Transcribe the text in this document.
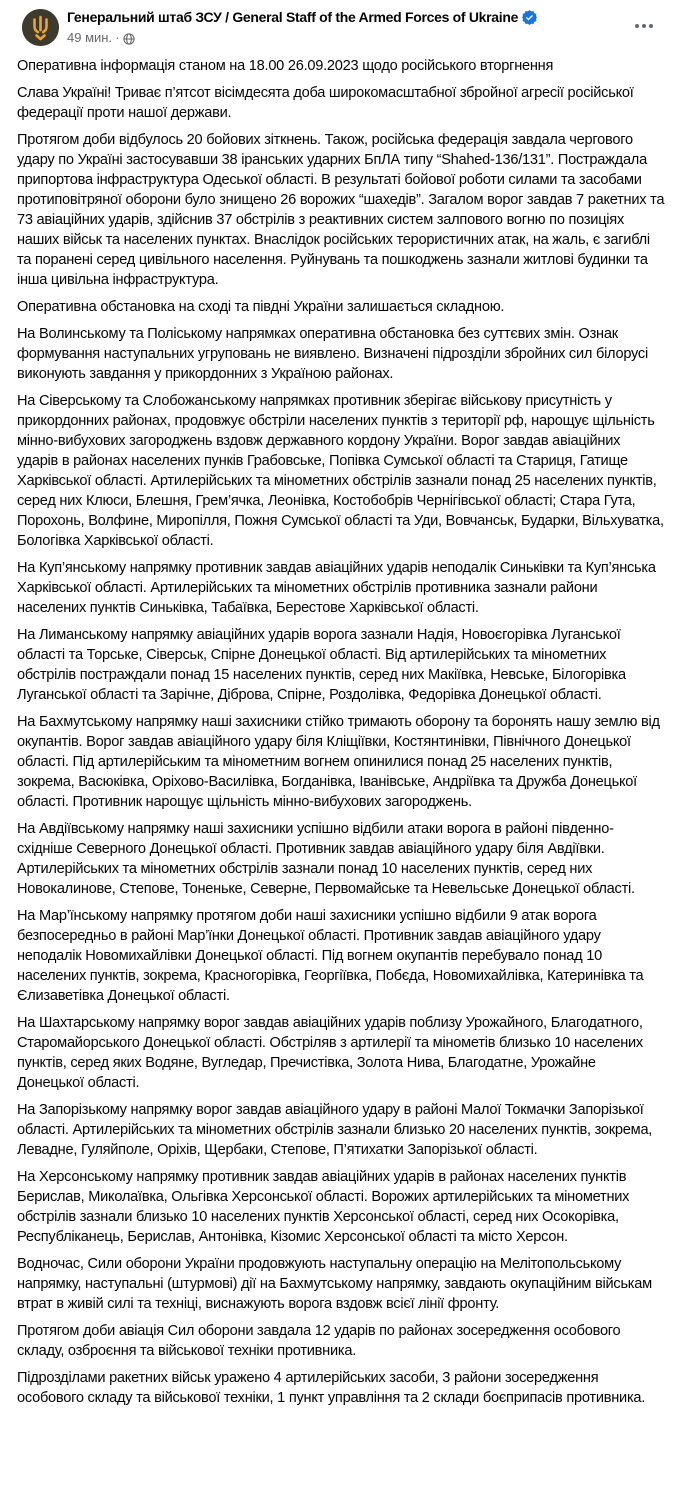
Генеральний штаб ЗСУ / General Staff of the Armed Forces of Ukraine
49 мин. ·

Оперативна інформація станом на 18.00 26.09.2023 щодо російського вторгнення

Слава Україні! Триває п’ятсот вісімдесята доба широкомасштабної збройної агресії російської федерації проти нашої держави.

Протягом доби відбулось 20 бойових зіткнень. Також, російська федерація завдала чергового удару по Україні застосувавши 38 іранських ударних БпЛА типу “Shahed-136/131”. Постраждала припортова інфраструктура Одеської області. В результаті бойової роботи силами та засобами протиповітряної оборони було знищено 26 ворожих “шахедів”. Загалом ворог завдав 7 ракетних та 73 авіаційних ударів, здійснив 37 обстрілів з реактивних систем залпового вогню по позиціях наших військ та населених пунктах. Внаслідок російських терористичних атак, на жаль, є загиблі та поранені серед цивільного населення. Руйнувань та пошкоджень зазнали житлові будинки та інша цивільна інфраструктура.

Оперативна обстановка на сході та півдні України залишається складною.

На Волинському та Поліському напрямках оперативна обстановка без суттєвих змін. Ознак формування наступальних угруповань не виявлено. Визначені підрозділи збройних сил білорусі виконують завдання у прикордонних з Україною районах.

На Сіверському та Слобожанському напрямках противник зберігає військову присутність у прикордонних районах, продовжує обстріли населених пунктів з території рф, нарощує щільність мінно-вибухових загороджень вздовж державного кордону України. Ворог завдав авіаційних ударів в районах населених пунків Грабовське, Попівка Сумської області та Стариця, Гатище Харківської області. Артилерійських та мінометних обстрілів зазнали понад 25 населених пунктів, серед них Клюси, Блешня, Грем’ячка, Леонівка, Костобобрів Чернігівської області; Стара Гута, Порохонь, Волфине, Миропілля, Пожня Сумської області та Уди, Вовчанськ, Бударки, Вільхуватка, Бологівка Харківської області.

На Куп’янському напрямку противник завдав авіаційних ударів неподалік Синьківки та Куп’янська Харківської області. Артилерійських та мінометних обстрілів противника зазнали райони населених пунктів Синьківка, Табаївка, Берестове Харківської області.

На Лиманському напрямку авіаційних ударів ворога зазнали Надія, Новоєгорівка Луганської області та Торське, Сіверськ, Спірне Донецької області. Від артилерійських та мінометних обстрілів постраждали понад 15 населених пунктів, серед них Макіївка, Невське, Білогорівка Луганської області та Зарічне, Діброва, Спірне, Роздолівка, Федорівка Донецької області.

На Бахмутському напрямку наші захисники стійко тримають оборону та боронять нашу землю від окупантів. Ворог завдав авіаційного удару біля Кліщіївки, Костянтинівки, Північного Донецької області. Під артилерійським та мінометним вогнем опинилися понад 25 населених пунктів, зокрема, Васюківка, Оріхово-Василівка, Богданівка, Іванівське, Андріївка та Дружба Донецької області. Противник нарощує щільність мінно-вибухових загороджень.

На Авдіївському напрямку наші захисники успішно відбили атаки ворога в районі південно-східніше Северного Донецької області. Противник завдав авіаційного удару біля Авдіївки. Артилерійських та мінометних обстрілів зазнали понад 10 населених пунктів, серед них Новокалинове, Степове, Тоненьке, Северне, Первомайське та Невельське Донецької області.

На Мар’їнському напрямку протягом доби наші захисники успішно відбили 9 атак ворога безпосередньо в районі Мар’їнки Донецької області. Противник завдав авіаційного удару неподалік Новомихайлівки Донецької області. Під вогнем окупантів перебувало понад 10 населених пунктів, зокрема, Красногорівка, Георгіївка, Побєда, Новомихайлівка, Катеринівка та Єлизаветівка Донецької області.

На Шахтарському напрямку ворог завдав авіаційних ударів поблизу Урожайного, Благодатного, Старомайорського Донецької області. Обстріляв з артилерії та мінометів близько 10 населених пунктів, серед яких Водяне, Вугледар, Пречистівка, Золота Нива, Благодатне, Урожайне Донецької області.

На Запорізькому напрямку ворог завдав авіаційного удару в районі Малої Токмачки Запорізької області. Артилерійських та мінометних обстрілів зазнали близько 20 населених пунктів, зокрема, Левадне, Гуляйполе, Оріхів, Щербаки, Степове, П’ятихатки Запорізької області.

На Херсонському напрямку противник завдав авіаційних ударів в районах населених пунктів Берислав, Миколаївка, Ольгівка Херсонської області. Ворожих артилерійських та мінометних обстрілів зазнали близько 10 населених пунктів Херсонської області, серед них Осокорівка, Республіканець, Берислав, Антонівка, Кізомис Херсонської області та місто Херсон.

Водночас, Сили оборони України продовжують наступальну операцію на Мелітопольському напрямку, наступальні (штурмові) дії на Бахмутському напрямку, завдають окупаційним військам втрат в живій силі та техніці, виснажують ворога вздовж всієї лінії фронту.

Протягом доби авіація Сил оборони завдала 12 ударів по районах зосередження особового складу, озброєння та військової техніки противника.

Підрозділами ракетних військ уражено 4 артилерійських засоби, 3 райони зосередження особового складу та військової техніки, 1 пункт управління та 2 склади боєприпасів противника.
